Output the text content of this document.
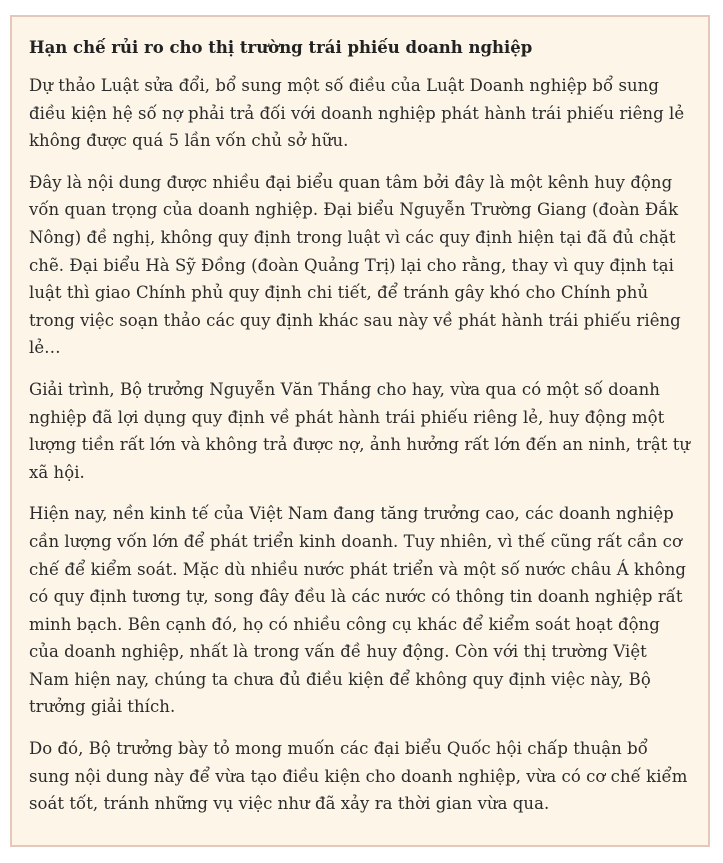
Hạn chế rủi ro cho thị trường trái phiếu doanh nghiệp

Dự thảo Luật sửa đổi, bổ sung một số điều của Luật Doanh nghiệp bổ sung điều kiện hệ số nợ phải trả đối với doanh nghiệp phát hành trái phiếu riêng lẻ không được quá 5 lần vốn chủ sở hữu.

Đây là nội dung được nhiều đại biểu quan tâm bởi đây là một kênh huy động vốn quan trọng của doanh nghiệp. Đại biểu Nguyễn Trường Giang (đoàn Đắk Nông) đề nghị, không quy định trong luật vì các quy định hiện tại đã đủ chặt chẽ. Đại biểu Hà Sỹ Đồng (đoàn Quảng Trị) lại cho rằng, thay vì quy định tại luật thì giao Chính phủ quy định chi tiết, để tránh gây khó cho Chính phủ trong việc soạn thảo các quy định khác sau này về phát hành trái phiếu riêng lẻ…

Giải trình, Bộ trưởng Nguyễn Văn Thắng cho hay, vừa qua có một số doanh nghiệp đã lợi dụng quy định về phát hành trái phiếu riêng lẻ, huy động một lượng tiền rất lớn và không trả được nợ, ảnh hưởng rất lớn đến an ninh, trật tự xã hội.

Hiện nay, nền kinh tế của Việt Nam đang tăng trưởng cao, các doanh nghiệp cần lượng vốn lớn để phát triển kinh doanh. Tuy nhiên, vì thế cũng rất cần cơ chế để kiểm soát. Mặc dù nhiều nước phát triển và một số nước châu Á không có quy định tương tự, song đây đều là các nước có thông tin doanh nghiệp rất minh bạch. Bên cạnh đó, họ có nhiều công cụ khác để kiểm soát hoạt động của doanh nghiệp, nhất là trong vấn đề huy động. Còn với thị trường Việt Nam hiện nay, chúng ta chưa đủ điều kiện để không quy định việc này, Bộ trưởng giải thích.

Do đó, Bộ trưởng bày tỏ mong muốn các đại biểu Quốc hội chấp thuận bổ sung nội dung này để vừa tạo điều kiện cho doanh nghiệp, vừa có cơ chế kiểm soát tốt, tránh những vụ việc như đã xảy ra thời gian vừa qua.
